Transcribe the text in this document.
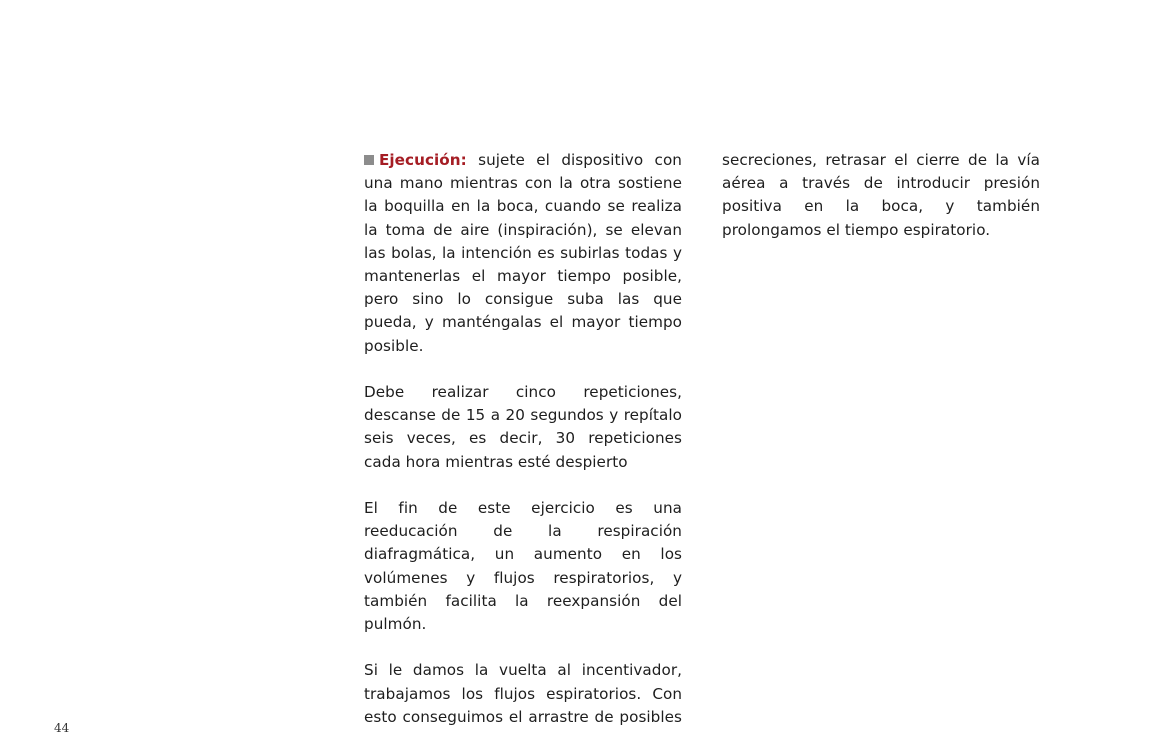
Ejecución: sujete el dispositivo con una mano mientras con la otra sostiene la boquilla en la boca, cuando se realiza la toma de aire (inspiración), se elevan las bolas, la intención es subirlas todas y mantenerlas el mayor tiempo posible, pero sino lo consigue suba las que pueda, y manténgalas el mayor tiempo posible.

Debe realizar cinco repeticiones, descanse de 15 a 20 segundos y repítalo seis veces, es decir, 30 repeticiones cada hora mientras esté despierto

El fin de este ejercicio es una reeducación de la respiración diafragmática, un aumento en los volúmenes y flujos respiratorios, y también facilita la reexpansión del pulmón.

Si le damos la vuelta al incentivador, trabajamos los flujos espiratorios. Con esto conseguimos el arrastre de posibles

secreciones, retrasar el cierre de la vía aérea a través de introducir presión positiva en la boca, y también prolongamos el tiempo espiratorio.

44
